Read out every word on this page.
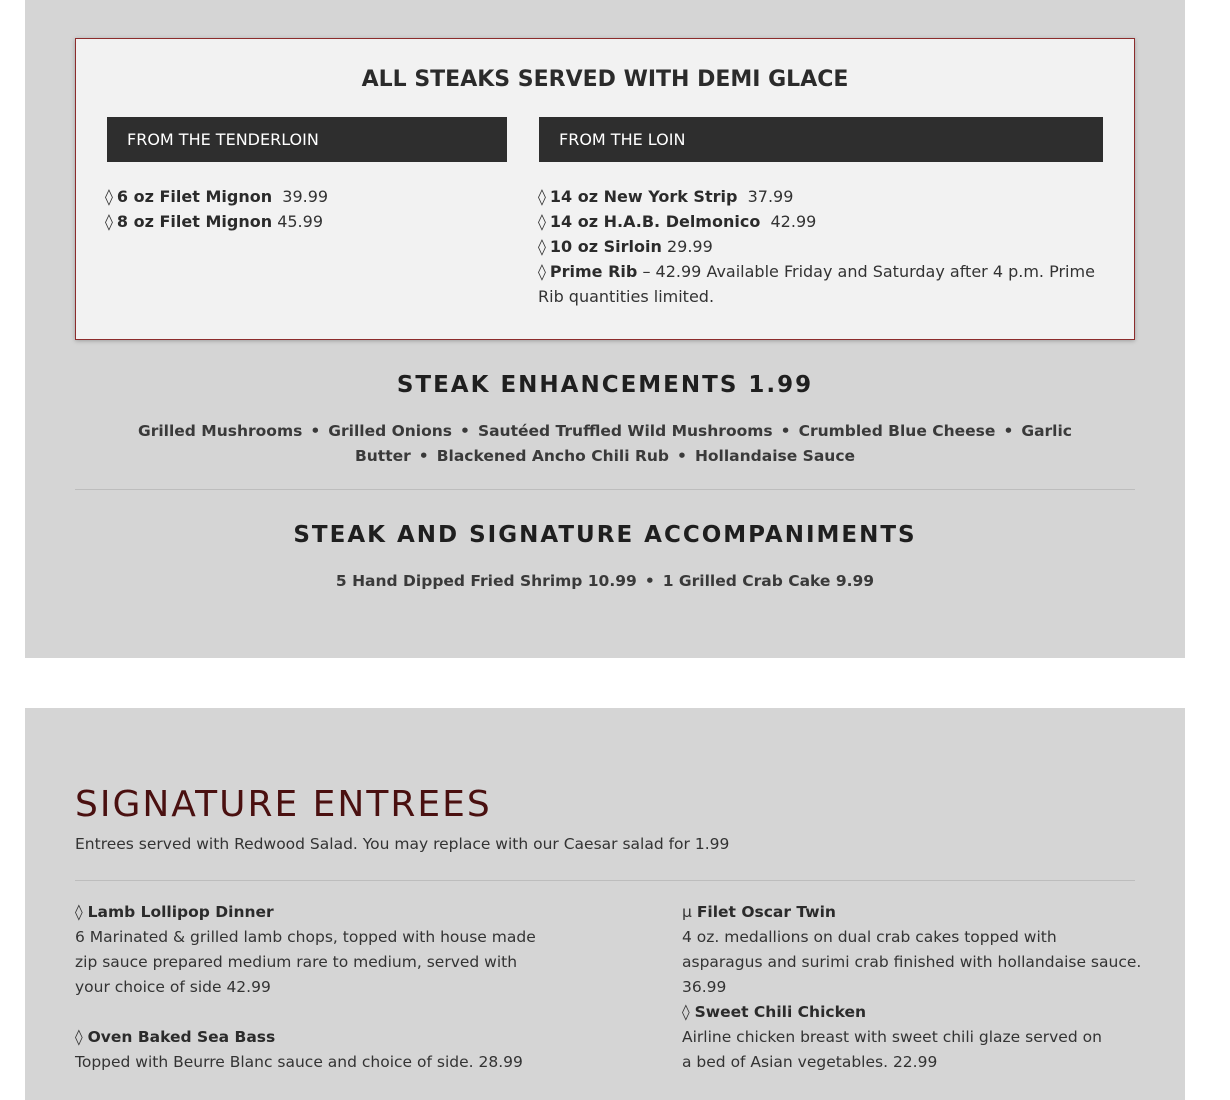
ALL STEAKS SERVED WITH DEMI GLACE
FROM THE TENDERLOIN	FROM THE LOIN
◊ 6 oz Filet Mignon 39.99
◊ 8 oz Filet Mignon 45.99
◊ 14 oz New York Strip 37.99
◊ 14 oz H.A.B. Delmonico 42.99
◊ 10 oz Sirloin 29.99
◊ Prime Rib – 42.99 Available Friday and Saturday after 4 p.m. Prime Rib quantities limited.
STEAK ENHANCEMENTS 1.99
Grilled Mushrooms • Grilled Onions • Sautéed Truffled Wild Mushrooms • Crumbled Blue Cheese • Garlic Butter • Blackened Ancho Chili Rub • Hollandaise Sauce
STEAK AND SIGNATURE ACCOMPANIMENTS
5 Hand Dipped Fried Shrimp 10.99 • 1 Grilled Crab Cake 9.99
SIGNATURE ENTREES
Entrees served with Redwood Salad. You may replace with our Caesar salad for 1.99
◊ Lamb Lollipop Dinner
6 Marinated & grilled lamb chops, topped with house made zip sauce prepared medium rare to medium, served with your choice of side 42.99
◊ Oven Baked Sea Bass
Topped with Beurre Blanc sauce and choice of side. 28.99
µ Filet Oscar Twin
4 oz. medallions on dual crab cakes topped with asparagus and surimi crab finished with hollandaise sauce. 36.99
◊ Sweet Chili Chicken
Airline chicken breast with sweet chili glaze served on a bed of Asian vegetables. 22.99
